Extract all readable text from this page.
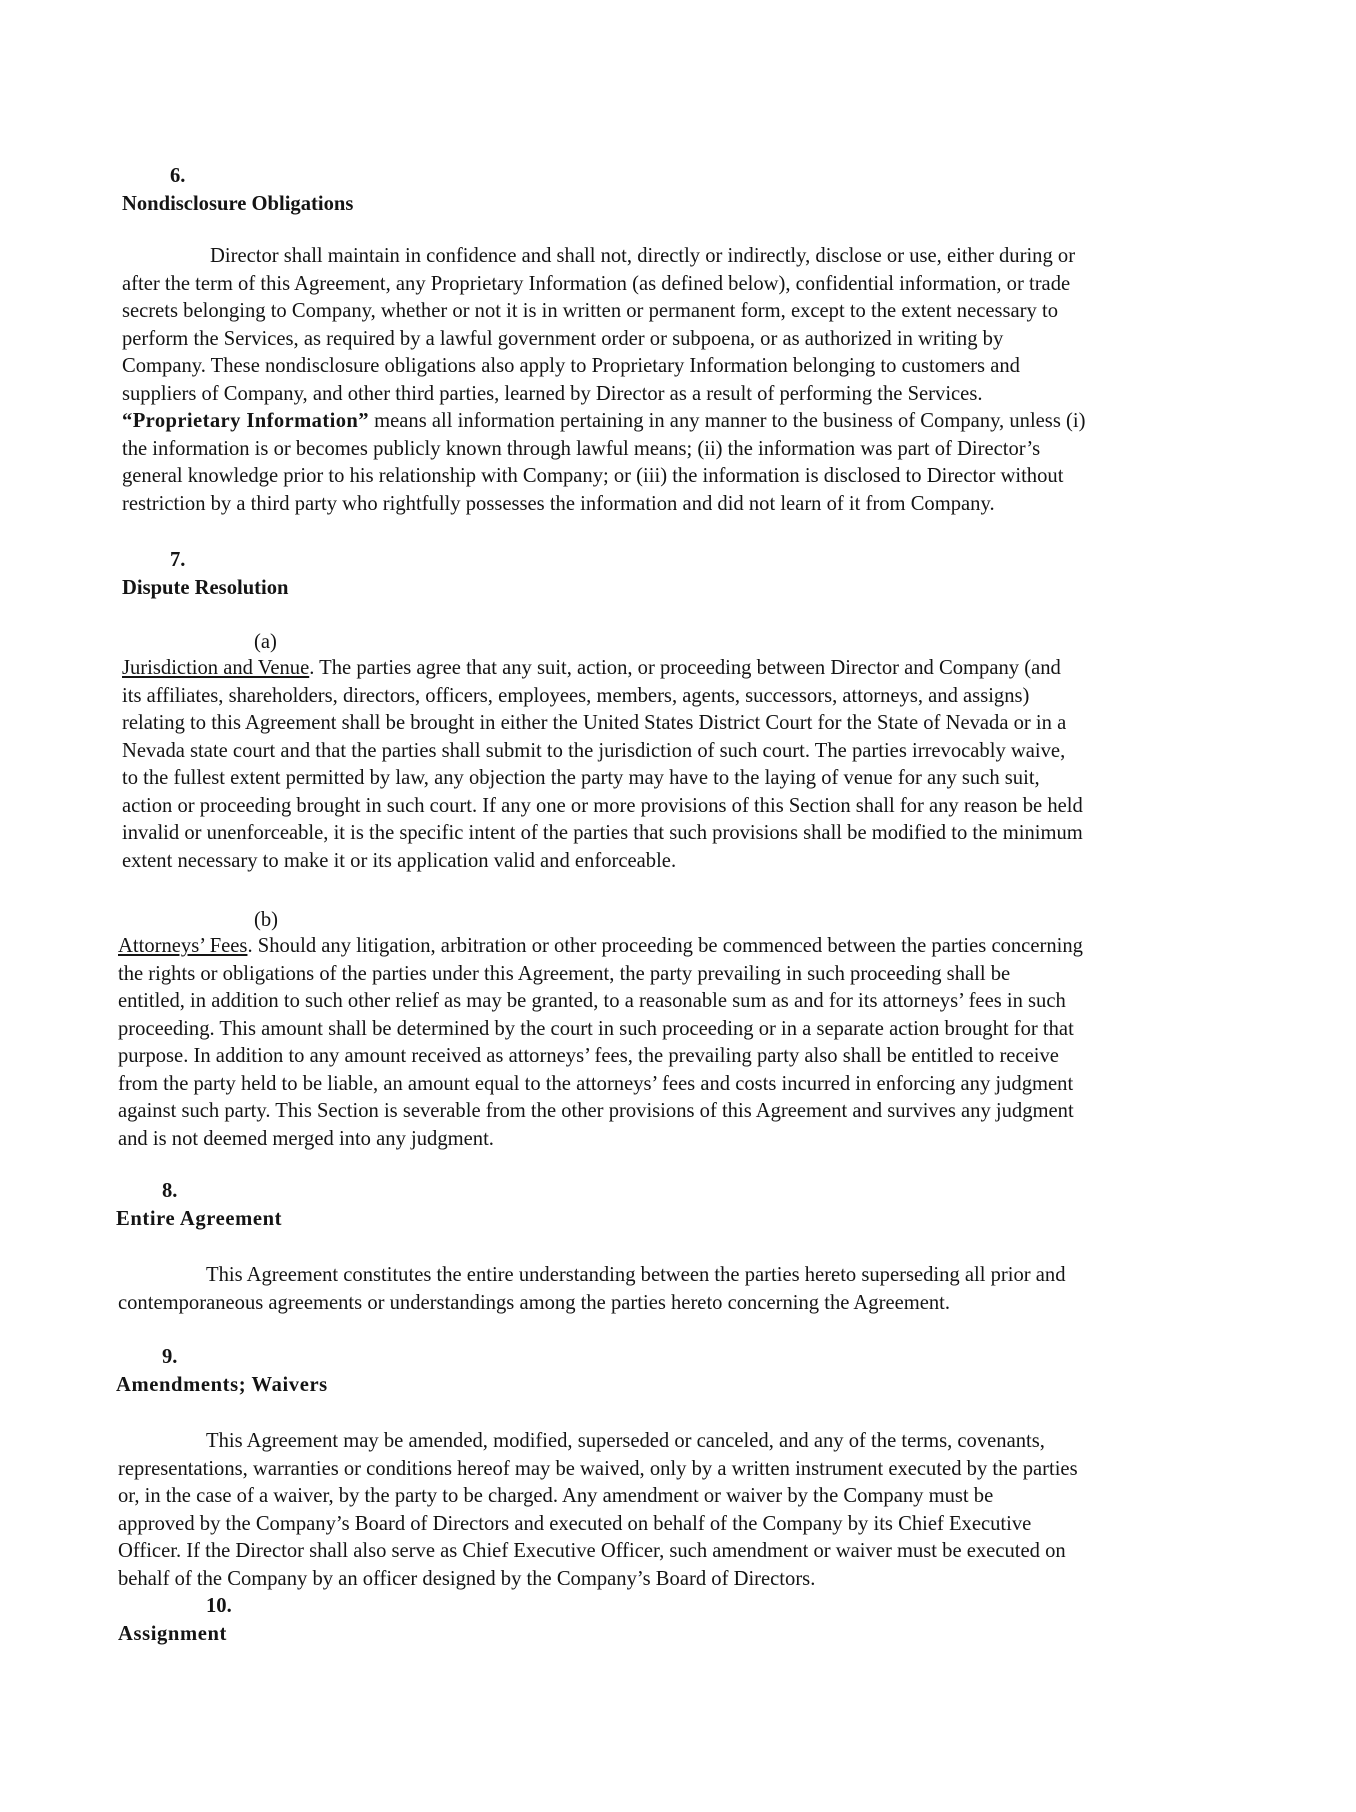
6.
Nondisclosure Obligations
Director shall maintain in confidence and shall not, directly or indirectly, disclose or use, either during or
after the term of this Agreement, any Proprietary Information (as defined below), confidential information, or trade
secrets belonging to Company, whether or not it is in written or permanent form, except to the extent necessary to
perform the Services, as required by a lawful government order or subpoena, or as authorized in writing by
Company. These nondisclosure obligations also apply to Proprietary Information belonging to customers and
suppliers of Company, and other third parties, learned by Director as a result of performing the Services.
“Proprietary Information” means all information pertaining in any manner to the business of Company, unless (i)
the information is or becomes publicly known through lawful means; (ii) the information was part of Director’s
general knowledge prior to his relationship with Company; or (iii) the information is disclosed to Director without
restriction by a third party who rightfully possesses the information and did not learn of it from Company.
7.
Dispute Resolution
(a)
Jurisdiction and Venue. The parties agree that any suit, action, or proceeding between Director and Company (and
its affiliates, shareholders, directors, officers, employees, members, agents, successors, attorneys, and assigns)
relating to this Agreement shall be brought in either the United States District Court for the State of Nevada or in a
Nevada state court and that the parties shall submit to the jurisdiction of such court. The parties irrevocably waive,
to the fullest extent permitted by law, any objection the party may have to the laying of venue for any such suit,
action or proceeding brought in such court. If any one or more provisions of this Section shall for any reason be held
invalid or unenforceable, it is the specific intent of the parties that such provisions shall be modified to the minimum
extent necessary to make it or its application valid and enforceable.
(b)
Attorneys’ Fees. Should any litigation, arbitration or other proceeding be commenced between the parties concerning
the rights or obligations of the parties under this Agreement, the party prevailing in such proceeding shall be
entitled, in addition to such other relief as may be granted, to a reasonable sum as and for its attorneys’ fees in such
proceeding. This amount shall be determined by the court in such proceeding or in a separate action brought for that
purpose. In addition to any amount received as attorneys’ fees, the prevailing party also shall be entitled to receive
from the party held to be liable, an amount equal to the attorneys’ fees and costs incurred in enforcing any judgment
against such party. This Section is severable from the other provisions of this Agreement and survives any judgment
and is not deemed merged into any judgment.
8.
Entire Agreement
This Agreement constitutes the entire understanding between the parties hereto superseding all prior and
contemporaneous agreements or understandings among the parties hereto concerning the Agreement.
9.
Amendments; Waivers
This Agreement may be amended, modified, superseded or canceled, and any of the terms, covenants,
representations, warranties or conditions hereof may be waived, only by a written instrument executed by the parties
or, in the case of a waiver, by the party to be charged. Any amendment or waiver by the Company must be
approved by the Company’s Board of Directors and executed on behalf of the Company by its Chief Executive
Officer. If the Director shall also serve as Chief Executive Officer, such amendment or waiver must be executed on
behalf of the Company by an officer designed by the Company’s Board of Directors.
10.
Assignment
